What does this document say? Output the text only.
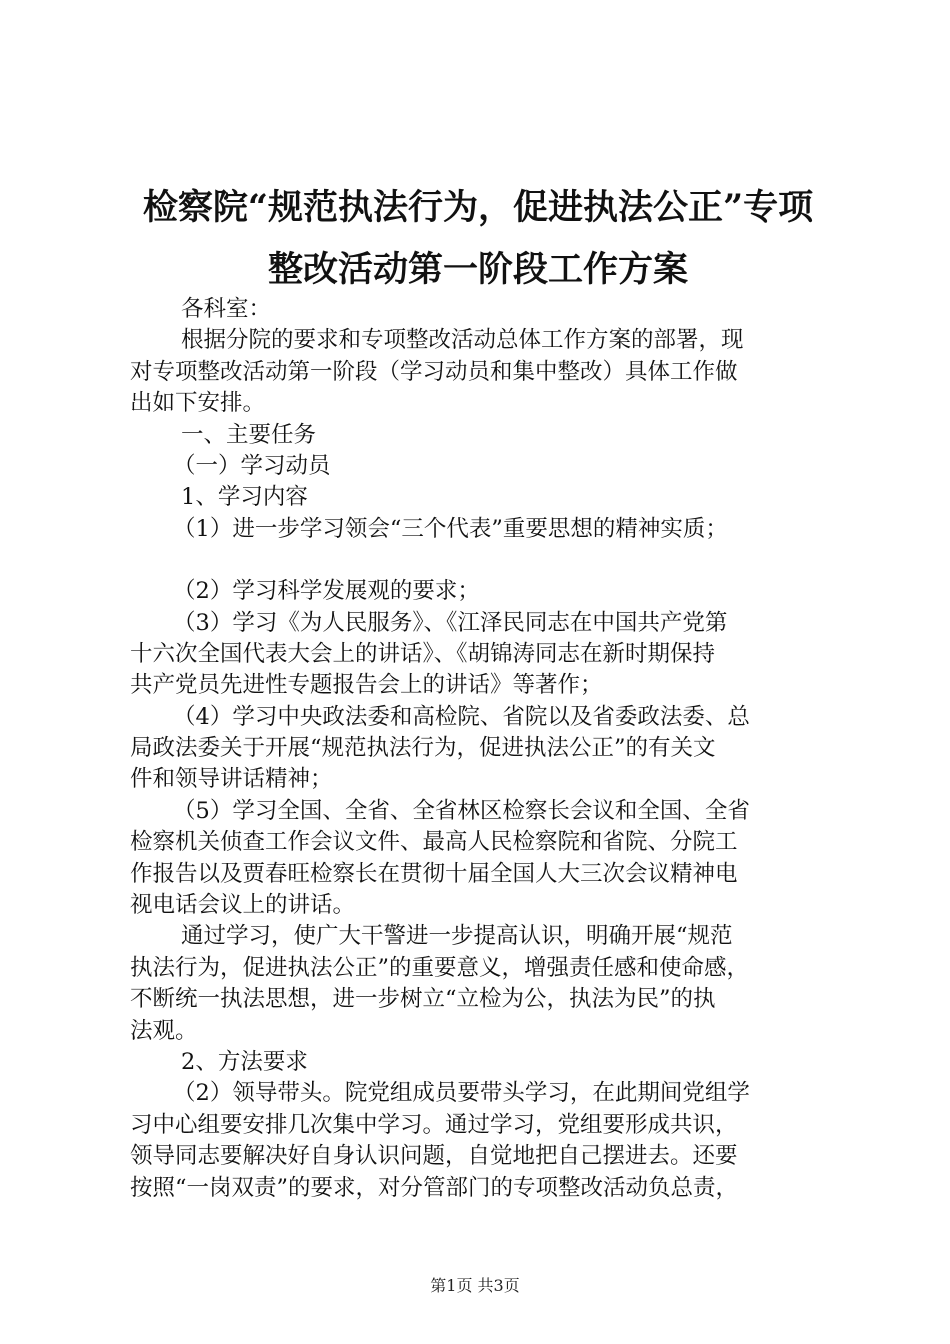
检察院“规范执法行为，促进执法公正”专项
整改活动第一阶段工作方案
各科室：
根据分院的要求和专项整改活动总体工作方案的部署，现
对专项整改活动第一阶段（学习动员和集中整改）具体工作做
出如下安排。
一、主要任务
（一）学习动员
1、学习内容
（1）进一步学习领会“三个代表”重要思想的精神实质；
（2）学习科学发展观的要求；
（3）学习《为人民服务》、《江泽民同志在中国共产党第
十六次全国代表大会上的讲话》、《胡锦涛同志在新时期保持
共产党员先进性专题报告会上的讲话》等著作；
（4）学习中央政法委和高检院、省院以及省委政法委、总
局政法委关于开展“规范执法行为，促进执法公正”的有关文
件和领导讲话精神；
（5）学习全国、全省、全省林区检察长会议和全国、全省
检察机关侦查工作会议文件、最高人民检察院和省院、分院工
作报告以及贾春旺检察长在贯彻十届全国人大三次会议精神电
视电话会议上的讲话。
通过学习，使广大干警进一步提高认识，明确开展“规范
执法行为，促进执法公正”的重要意义，增强责任感和使命感，
不断统一执法思想，进一步树立“立检为公，执法为民”的执
法观。
2、方法要求
（2）领导带头。院党组成员要带头学习，在此期间党组学
习中心组要安排几次集中学习。通过学习，党组要形成共识，
领导同志要解决好自身认识问题，自觉地把自己摆进去。还要
按照“一岗双责”的要求，对分管部门的专项整改活动负总责，
第1页 共3页
